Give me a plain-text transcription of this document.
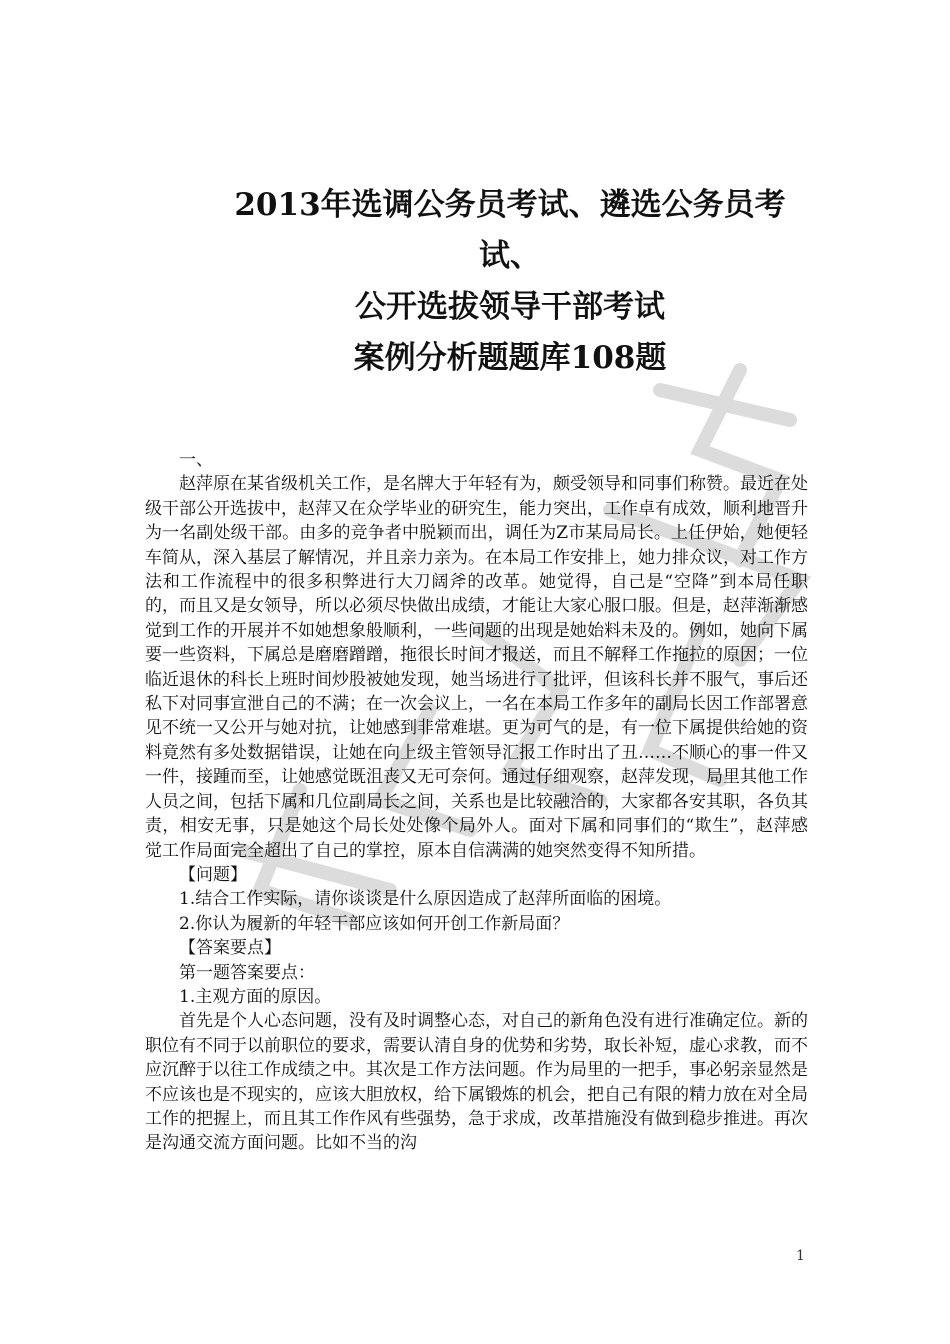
2013年选调公务员考试、遴选公务员考
试、
公开选拔领导干部考试
案例分析题题库108题

一、

赵萍原在某省级机关工作，是名牌大于年轻有为，颇受领导和同事们称赞。最近在处级干部公开选拔中，赵萍又在众学毕业的研究生，能力突出，工作卓有成效，顺利地晋升为一名副处级干部。由多的竞争者中脱颖而出，调任为Z市某局局长。上任伊始，她便轻车简从，深入基层了解情况，并且亲力亲为。在本局工作安排上，她力排众议，对工作方法和工作流程中的很多积弊进行大刀阔斧的改革。她觉得，自己是“空降”到本局任职的，而且又是女领导，所以必须尽快做出成绩，才能让大家心服口服。但是，赵萍渐渐感觉到工作的开展并不如她想象般顺利，一些问题的出现是她始料未及的。例如，她向下属要一些资料，下属总是磨磨蹭蹭，拖很长时间才报送，而且不解释工作拖拉的原因；一位临近退休的科长上班时间炒股被她发现，她当场进行了批评，但该科长并不服气，事后还私下对同事宣泄自己的不满；在一次会议上，一名在本局工作多年的副局长因工作部署意见不统一又公开与她对抗，让她感到非常难堪。更为可气的是，有一位下属提供给她的资料竟然有多处数据错误，让她在向上级主管领导汇报工作时出了丑……不顺心的事一件又一件，接踵而至，让她感觉既沮丧又无可奈何。通过仔细观察，赵萍发现，局里其他工作人员之间，包括下属和几位副局长之间，关系也是比较融洽的，大家都各安其职，各负其责，相安无事，只是她这个局长处处像个局外人。面对下属和同事们的“欺生”，赵萍感觉工作局面完全超出了自己的掌控，原本自信满满的她突然变得不知所措。

【问题】

1.结合工作实际，请你谈谈是什么原因造成了赵萍所面临的困境。

2.你认为履新的年轻干部应该如何开创工作新局面？

【答案要点】

第一题答案要点：

1.主观方面的原因。

首先是个人心态问题，没有及时调整心态，对自己的新角色没有进行准确定位。新的职位有不同于以前职位的要求，需要认清自身的优势和劣势，取长补短，虚心求教，而不应沉醉于以往工作成绩之中。其次是工作方法问题。作为局里的一把手，事必躬亲显然是不应该也是不现实的，应该大胆放权，给下属锻炼的机会，把自己有限的精力放在对全局工作的把握上，而且其工作作风有些强势，急于求成，改革措施没有做到稳步推进。再次是沟通交流方面问题。比如不当的沟

1
